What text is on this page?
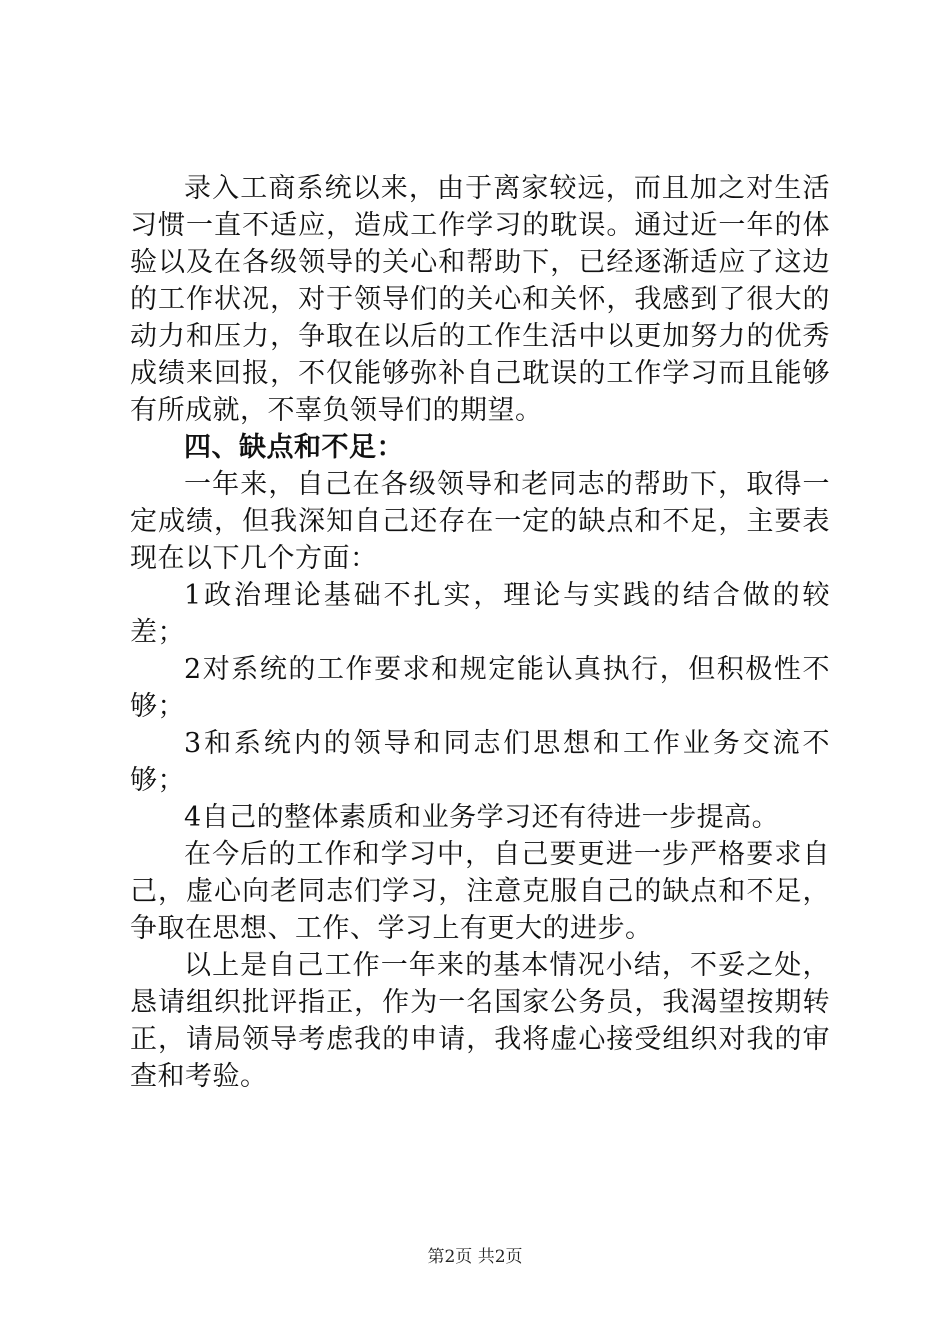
录入工商系统以来，由于离家较远，而且加之对生活习惯一直不适应，造成工作学习的耽误。通过近一年的体验以及在各级领导的关心和帮助下，已经逐渐适应了这边的工作状况，对于领导们的关心和关怀，我感到了很大的动力和压力，争取在以后的工作生活中以更加努力的优秀成绩来回报，不仅能够弥补自己耽误的工作学习而且能够有所成就，不辜负领导们的期望。

四、缺点和不足：

一年来，自己在各级领导和老同志的帮助下，取得一定成绩，但我深知自己还存在一定的缺点和不足，主要表现在以下几个方面：

1政治理论基础不扎实，理论与实践的结合做的较差；

2对系统的工作要求和规定能认真执行，但积极性不够；

3和系统内的领导和同志们思想和工作业务交流不够；

4自己的整体素质和业务学习还有待进一步提高。

在今后的工作和学习中，自己要更进一步严格要求自己，虚心向老同志们学习，注意克服自己的缺点和不足，争取在思想、工作、学习上有更大的进步。

以上是自己工作一年来的基本情况小结，不妥之处，恳请组织批评指正，作为一名国家公务员，我渴望按期转正，请局领导考虑我的申请，我将虚心接受组织对我的审查和考验。

第2页 共2页
